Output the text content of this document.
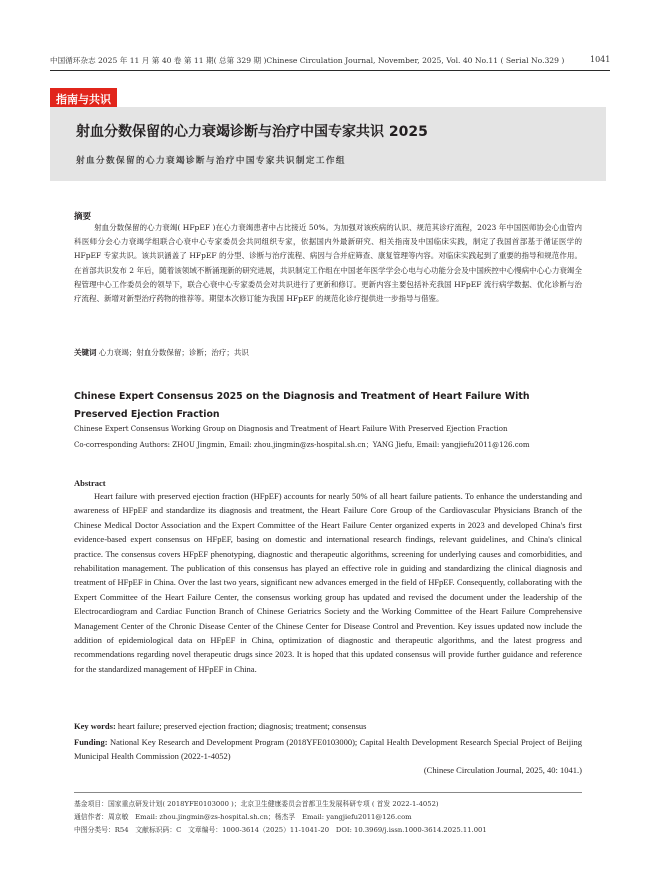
中国循环杂志 2025 年 11 月 第 40 卷 第 11 期( 总第 329 期 )Chinese Circulation Journal, November, 2025, Vol. 40 No.11 ( Serial No.329 )	1041
指南与共识
射血分数保留的心力衰竭诊断与治疗中国专家共识 2025
射血分数保留的心力衰竭诊断与治疗中国专家共识制定工作组
摘要
射血分数保留的心力衰竭( HFpEF )在心力衰竭患者中占比接近 50%。为加强对该疾病的认识、规范其诊疗流程，2023 年中国医师协会心血管内科医师分会心力衰竭学组联合心衰中心专家委员会共同组织专家，依据国内外最新研究、相关指南及中国临床实践，制定了我国首部基于循证医学的 HFpEF 专家共识。该共识涵盖了 HFpEF 的分型、诊断与治疗流程、病因与合并症筛查、康复管理等内容。对临床实践起到了重要的指导和规范作用。在首部共识发布 2 年后，随着该领域不断涌现新的研究进展，共识制定工作组在中国老年医学学会心电与心功能分会及中国疾控中心慢病中心心力衰竭全程管理中心工作委员会的领导下，联合心衰中心专家委员会对共识进行了更新和修订。更新内容主要包括补充我国 HFpEF 流行病学数据、优化诊断与治疗流程、新增对新型治疗药物的推荐等。期望本次修订能为我国 HFpEF 的规范化诊疗提供进一步指导与借鉴。
关键词 心力衰竭；射血分数保留；诊断；治疗；共识
Chinese Expert Consensus 2025 on the Diagnosis and Treatment of Heart Failure With Preserved Ejection Fraction
Chinese Expert Consensus Working Group on Diagnosis and Treatment of Heart Failure With Preserved Ejection Fraction
Co-corresponding Authors: ZHOU Jingmin, Email: zhou.jingmin@zs-hospital.sh.cn；YANG Jiefu, Email: yangjiefu2011@126.com
Abstract
Heart failure with preserved ejection fraction (HFpEF) accounts for nearly 50% of all heart failure patients. To enhance the understanding and awareness of HFpEF and standardize its diagnosis and treatment, the Heart Failure Core Group of the Cardiovascular Physicians Branch of the Chinese Medical Doctor Association and the Expert Committee of the Heart Failure Center organized experts in 2023 and developed China's first evidence-based expert consensus on HFpEF, basing on domestic and international research findings, relevant guidelines, and China's clinical practice. The consensus covers HFpEF phenotyping, diagnostic and therapeutic algorithms, screening for underlying causes and comorbidities, and rehabilitation management. The publication of this consensus has played an effective role in guiding and standardizing the clinical diagnosis and treatment of HFpEF in China. Over the last two years, significant new advances emerged in the field of HFpEF. Consequently, collaborating with the Expert Committee of the Heart Failure Center, the consensus working group has updated and revised the document under the leadership of the Electrocardiogram and Cardiac Function Branch of Chinese Geriatrics Society and the Working Committee of the Heart Failure Comprehensive Management Center of the Chronic Disease Center of the Chinese Center for Disease Control and Prevention. Key issues updated now include the addition of epidemiological data on HFpEF in China, optimization of diagnostic and therapeutic algorithms, and the latest progress and recommendations regarding novel therapeutic drugs since 2023. It is hoped that this updated consensus will provide further guidance and reference for the standardized management of HFpEF in China.
Key words: heart failure; preserved ejection fraction; diagnosis; treatment; consensus
Funding: National Key Research and Development Program (2018YFE0103000); Capital Health Development Research Special Project of Beijing Municipal Health Commission (2022-1-4052)
(Chinese Circulation Journal, 2025, 40: 1041.)
基金项目：国家重点研发计划( 2018YFE0103000 )；北京卫生健康委员会首都卫生发展科研专项 ( 首发 2022-1-4052)
通信作者：周京敏　Email: zhou.jingmin@zs-hospital.sh.cn；杨杰孚　Email: yangjiefu2011@126.com
中图分类号：R54　文献标识码：C　文章编号：1000-3614（2025）11-1041-20　DOI: 10.3969/j.issn.1000-3614.2025.11.001
